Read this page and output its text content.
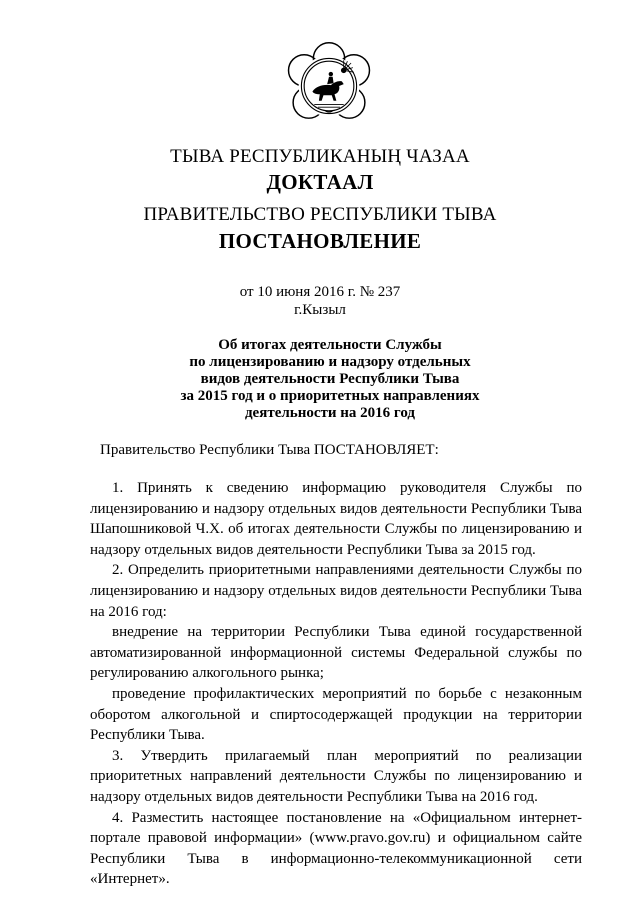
ТЫВА РЕСПУБЛИКАНЫҢ ЧАЗАА
ДОКТААЛ
ПРАВИТЕЛЬСТВО РЕСПУБЛИКИ ТЫВА
ПОСТАНОВЛЕНИЕ
от 10 июня 2016 г. № 237
г.Кызыл
Об итогах деятельности Службы
по лицензированию и надзору отдельных
видов деятельности Республики Тыва
за 2015 год и о приоритетных направлениях
деятельности на 2016 год
Правительство Республики Тыва ПОСТАНОВЛЯЕТ:

1. Принять к сведению информацию руководителя Службы по лицензированию и надзору отдельных видов деятельности Республики Тыва Шапошниковой Ч.Х. об итогах деятельности Службы по лицензированию и надзору отдельных видов деятельности Республики Тыва за 2015 год.

2. Определить приоритетными направлениями деятельности Службы по лицензированию и надзору отдельных видов деятельности Республики Тыва на 2016 год:

внедрение на территории Республики Тыва единой государственной автоматизированной информационной системы Федеральной службы по регулированию алкогольного рынка;

проведение профилактических мероприятий по борьбе с незаконным оборотом алкогольной и спиртосодержащей продукции на территории Республики Тыва.

3. Утвердить прилагаемый план мероприятий по реализации приоритетных направлений деятельности Службы по лицензированию и надзору отдельных видов деятельности Республики Тыва на 2016 год.

4. Разместить настоящее постановление на «Официальном интернет-портале правовой информации» (www.pravo.gov.ru) и официальном сайте Республики Тыва в информационно-телекоммуникационной сети «Интернет».
